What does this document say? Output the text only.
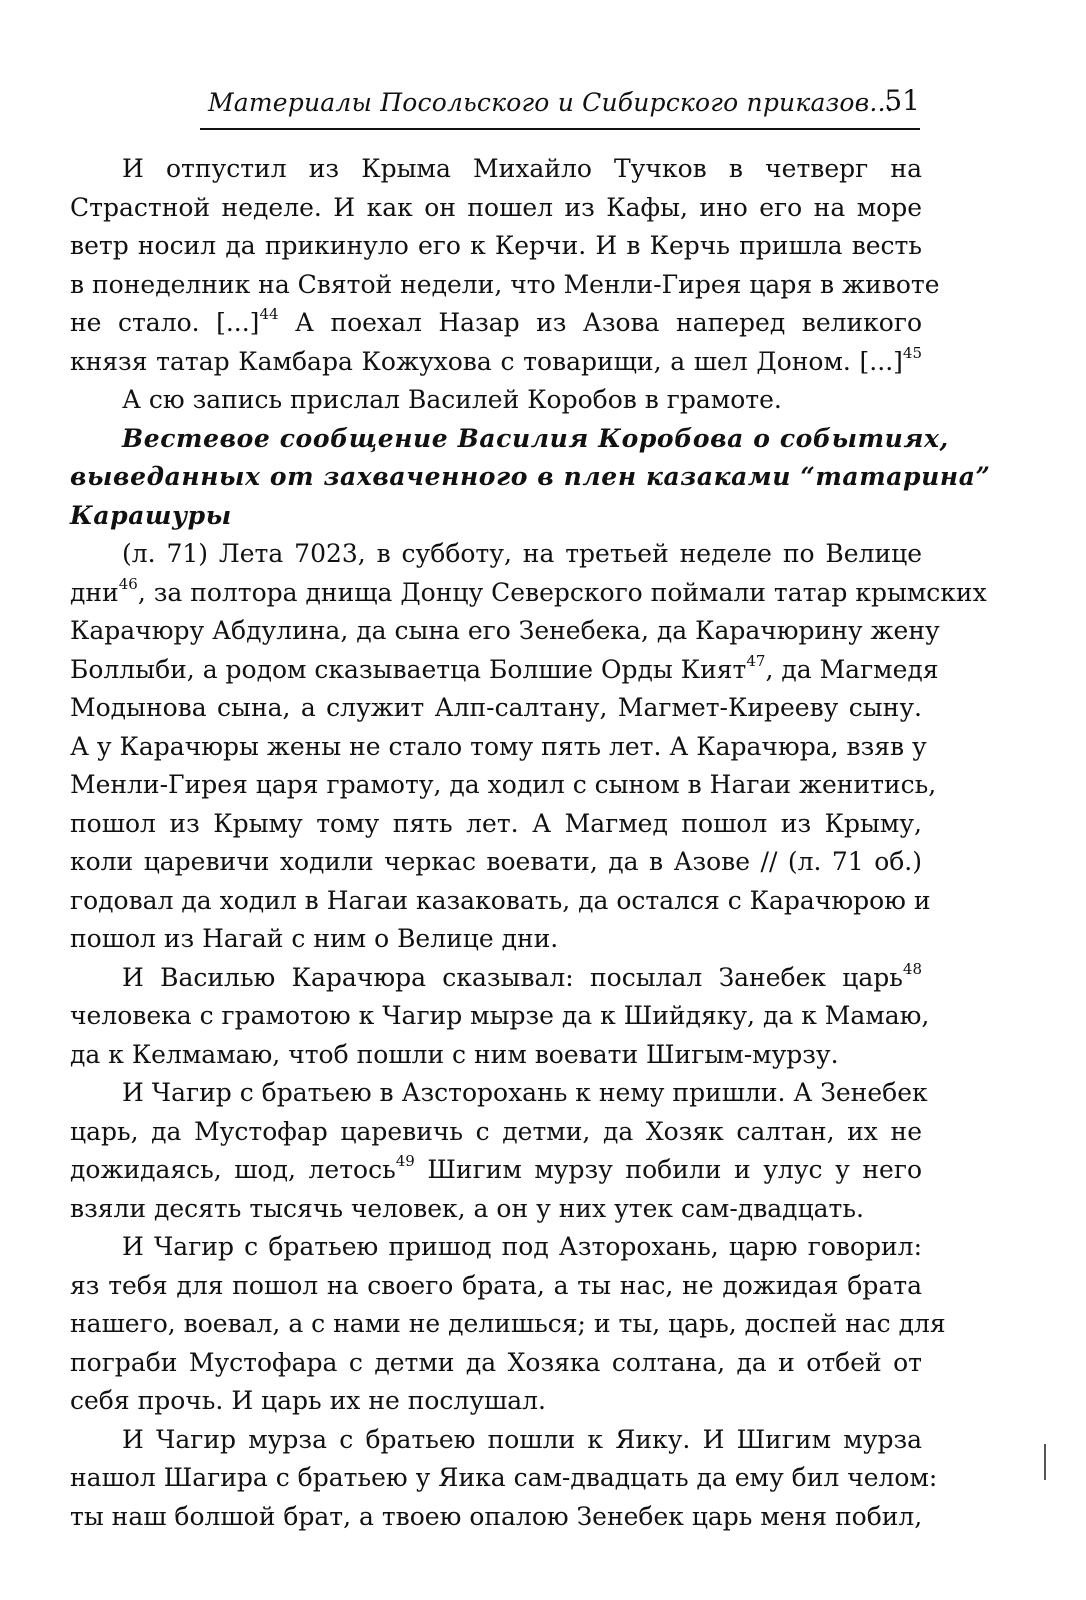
Материалы Посольского и Сибирского приказов...
51
И отпустил из Крыма Михайло Тучков в четверг на
Страстной неделе. И как он пошел из Кафы, ино его на море
ветр носил да прикинуло его к Керчи. И в Керчь пришла весть
в понеделник на Святой недели, что Менли-Гирея царя в животе
не стало. [...]$^{44}$ А поехал Назар из Азова наперед великого
князя татар Камбара Кожухова с товарищи, а шел Доном. [...]$^{45}$
А сю запись прислал Василей Коробов в грамоте.
Вестевое сообщение Василия Коробова о событиях,
выведанных от захваченного в плен казаками “татарина”
Карашуры
(л. 71) Лета 7023, в субботу, на третьей неделе по Велице
дни$^{46}$, за полтора днища Донцу Северского поймали татар крымских
Карачюру Абдулина, да сына его Зенебека, да Карачюрину жену
Боллыби, а родом сказываетца Болшие Орды Кият$^{47}$, да Магмедя
Модынова сына, а служит Алп-салтану, Магмет-Киреeву сыну.
А у Карачюры жены не стало тому пять лет. А Карачюра, взяв у
Менли-Гирея царя грамоту, да ходил с сыном в Нагаи женитись,
пошол из Крыму тому пять лет. А Магмед пошол из Крыму,
коли царевичи ходили черкас воевати, да в Азове // (л. 71 об.)
годовал да ходил в Нагаи казаковать, да остался с Карачюрою и
пошол из Нагай с ним о Велице дни.
И Василью Карачюра сказывал: посылал Занебек царь$^{48}$
человека с грамотою к Чагир мырзе да к Шийдяку, да к Мамаю,
да к Келмамаю, чтоб пошли с ним воевати Шигым-мурзу.
И Чагир с братьею в Азсторохань к нему пришли. А Зенебек
царь, да Мустофар царевичь с детми, да Хозяк салтан, их не
дожидаясь, шод, летось$^{49}$ Шигим мурзу побили и улус у него
взяли десять тысячь человек, а он у них утек сам-двадцать.
И Чагир с братьею пришод под Азторохань, царю говорил:
яз тебя для пошол на своего брата, а ты нас, не дожидая брата
нашего, воевал, а с нами не делишься; и ты, царь, доспей нас для
пограби Мустофара с детми да Хозяка солтана, да и отбей от
себя прочь. И царь их не послушал.
И Чагир мурза с братьею пошли к Яику. И Шигим мурза
нашол Шагира с братьею у Яика сам-двадцать да ему бил челом:
ты наш болшой брат, а твоею опалою Зенебек царь меня побил,
